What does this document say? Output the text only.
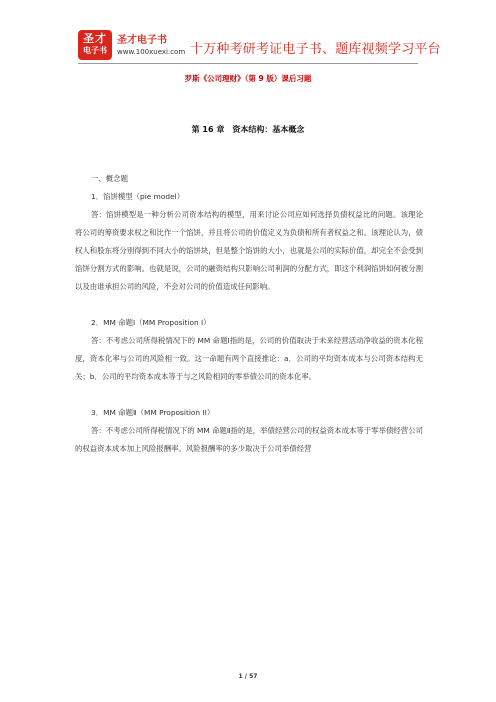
圣才
电子书
圣才电子书
www.100xuexi.com 十万种考研考证电子书、题库视频学习平台
罗斯《公司理财》（第 9 版）课后习题
第 16 章　资本结构：基本概念
一、概念题
1．馅饼模型（pie model）

答：馅饼模型是一种分析公司资本结构的模型，用来讨论公司应如何选择负债权益比的问题。该理论将公司的筹资要求权之和比作一个馅饼，并且将公司的价值定义为负债和所有者权益之和。该理论认为，债权人和股东将分别得到不同大小的馅饼块，但是整个馅饼的大小，也就是公司的实际价值，却完全不会受到馅饼分割方式的影响。也就是说，公司的融资结构只影响公司利润的分配方式，即这个利润馅饼如何被分割以及由谁承担公司的风险，不会对公司的价值造成任何影响。

2．MM 命题Ⅰ（MM Proposition I）

答：不考虑公司所得税情况下的 MM 命题Ⅰ指的是，公司的价值取决于未来经营活动净收益的资本化程度，资本化率与公司的风险相一致。这一命题有两个直接推论：a．公司的平均资本成本与公司资本结构无关；b．公司的平均资本成本等于与之风险相同的零举债公司的资本化率。

3．MM 命题Ⅱ（MM Proposition II）

答：不考虑公司所得税情况下的 MM 命题Ⅱ指的是，举债经营公司的权益资本成本等于零举债经营公司的权益资本成本加上风险报酬率。风险报酬率的多少取决于公司举债经营

1 / 57
